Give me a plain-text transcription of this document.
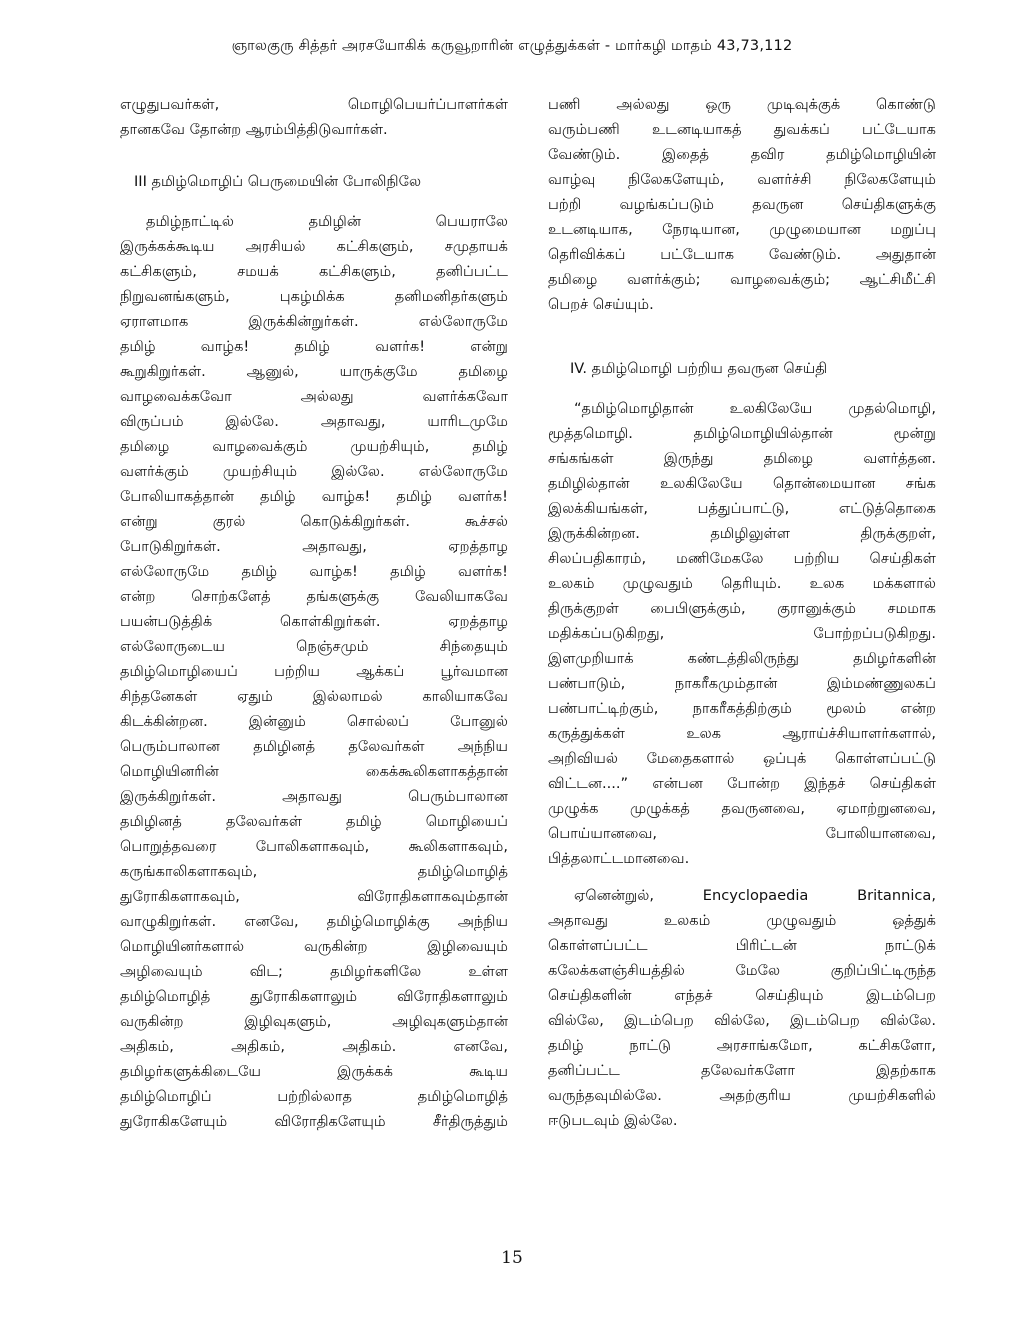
ஞாலகுரு சித்தர் அரசயோகிக் கருவூறாரின் எழுத்துக்கள் - மார்கழி மாதம் 43,73,112
எழுதுபவர்கள்,	மொழிபெயர்ப்பாளர்கள்
தானகவே தோன்ற ஆரம்பித்திடுவார்கள்.
III தமிழ்மொழிப் பெருமையின் போலிநிலே
தமிழ்நாட்டில்	தமிழின்	பெயராலே
இருக்கக்கூடிய அரசியல் கட்சிகளும், சமுதாயக்
கட்சிகளும்,	சமயக்	கட்சிகளும்,	தனிப்பட்ட
நிறுவனங்களும்,	புகழ்மிக்க	தனிமனிதர்களும்
ஏராளமாக	இருக்கின்றுர்கள்.	எல்லோருமே
தமிழ்	வாழ்க!	தமிழ்	வளர்க!	என்று
கூறுகிறுர்கள்.	ஆனுல்,	யாருக்குமே	தமிழை
வாழவைக்கவோ	அல்லது	வளர்க்கவோ
விருப்பம்	இல்லே.	அதாவது,	யாரிடமுமே
தமிழை	வாழவைக்கும்	முயற்சியும்,	தமிழ்
வளர்க்கும் முயற்சியும் இல்லே. எல்லோருமே
போலியாகத்தான் தமிழ் வாழ்க! தமிழ் வளர்க!
என்று	குரல்	கொடுக்கிறுர்கள்.	கூச்சல்
போடுகிறுர்கள்.	அதாவது,	ஏறத்தாழ
எல்லோருமே தமிழ் வாழ்க! தமிழ் வளர்க!
என்ற சொற்களேத் தங்களுக்கு வேலியாகவே
பயன்படுத்திக்	கொள்கிறுர்கள்.	ஏறத்தாழ
எல்லோருடைய	நெஞ்சமும்	சிந்தையும்
தமிழ்மொழியைப் பற்றிய ஆக்கப் பூர்வமான
சிந்தனேகள்	ஏதும்	இல்லாமல்	காலியாகவே
கிடக்கின்றன.	இன்னும்	சொல்லப்	போனுல்
பெரும்பாலான தமிழினத் தலேவர்கள் அந்நிய
மொழியினரின்	கைக்கூலிகளாகத்தான்
இருக்கிறுர்கள்.	அதாவது	பெரும்பாலான
தமிழினத்	தலேவர்கள்	தமிழ்	மொழியைப்
பொறுத்தவரை	போலிகளாகவும்,	கூலிகளாகவும்,
கருங்காலிகளாகவும்,	தமிழ்மொழித்
துரோகிகளாகவும்,	விரோதிகளாகவும்தான்
வாழுகிறுர்கள். எனவே, தமிழ்மொழிக்கு அந்நிய
மொழியினர்களால்	வருகின்ற	இழிவையும்
அழிவையும்	விட;	தமிழர்களிலே	உள்ள
தமிழ்மொழித்	துரோகிகளாலும்	விரோதிகளாலும்
வருகின்ற	இழிவுகளும்,	அழிவுகளும்தான்
அதிகம்,	அதிகம்,	அதிகம்.	எனவே,
தமிழர்களுக்கிடையே	இருக்கக்	கூடிய
தமிழ்மொழிப்	பற்றில்லாத	தமிழ்மொழித்
துரோகிகளேயும்	விரோதிகளேயும்	சீர்திருத்தும்
பணி அல்லது ஒரு முடிவுக்குக் கொண்டு
வரும்பணி உடனடியாகத் துவக்கப் பட்டேயாக
வேண்டும்.	இதைத்	தவிர	தமிழ்மொழியின்
வாழ்வு நிலேகளேயும், வளர்ச்சி நிலேகளேயும்
பற்றி	வழங்கப்படும்	தவருன	செய்திகளுக்கு
உடனடியாக, நேரடியான, முழுமையான மறுப்பு
தெரிவிக்கப் பட்டேயாக வேண்டும். அதுதான்
தமிழை வளர்க்கும்; வாழவைக்கும்; ஆட்சிமீட்சி
பெறச் செய்யும்.
IV. தமிழ்மொழி பற்றிய தவருன செய்தி
“தமிழ்மொழிதான் உலகிலேயே முதல்மொழி,
மூத்தமொழி.	தமிழ்மொழியில்தான்	மூன்று
சங்கங்கள்	இருந்து	தமிழை	வளர்த்தன.
தமிழில்தான் உலகிலேயே தொன்மையான சங்க
இலக்கியங்கள்,	பத்துப்பாட்டு,	எட்டுத்தொகை
இருக்கின்றன.	தமிழிலுள்ள	திருக்குறள்,
சிலப்பதிகாரம், மணிமேகலே பற்றிய செய்திகள்
உலகம் முழுவதும் தெரியும். உலக மக்களால்
திருக்குறள் பைபிளுக்கும், குரானுக்கும் சமமாக
மதிக்கப்படுகிறது,	போற்றப்படுகிறது.
இளமுறியாக்	கண்டத்திலிருந்து	தமிழர்களின்
பண்பாடும்,	நாகரீகமும்தான்	இம்மண்ணுலகப்
பண்பாட்டிற்கும், நாகரீகத்திற்கும் மூலம் என்ற
கருத்துக்கள்	உலக	ஆராய்ச்சியாளர்களால்,
அறிவியல் மேதைகளால் ஒப்புக் கொள்ளப்பட்டு
விட்டன....” என்பன போன்ற இந்தச் செய்திகள்
முழுக்க முழுக்கத் தவருனவை, ஏமாற்றுனவை,
பொய்யானவை,	போலியானவை,
பித்தலாட்டமானவை.
ஏனென்றுல்,	Encyclopaedia	Britannica,
அதாவது	உலகம்	முழுவதும்	ஒத்துக்
கொள்ளப்பட்ட	பிரிட்டன்	நாட்டுக்
கலேக்களஞ்சியத்தில்	மேலே	குறிப்பிட்டிருந்த
செய்திகளின்	எந்தச்	செய்தியும்	இடம்பெற
வில்லே, இடம்பெற வில்லே, இடம்பெற வில்லே.
தமிழ்	நாட்டு	அரசாங்கமோ,	கட்சிகளோ,
தனிப்பட்ட	தலேவர்களோ	இதற்காக
வருந்தவுமில்லே.	அதற்குரிய	முயற்சிகளில்
ஈடுபடவும் இல்லே.
15
